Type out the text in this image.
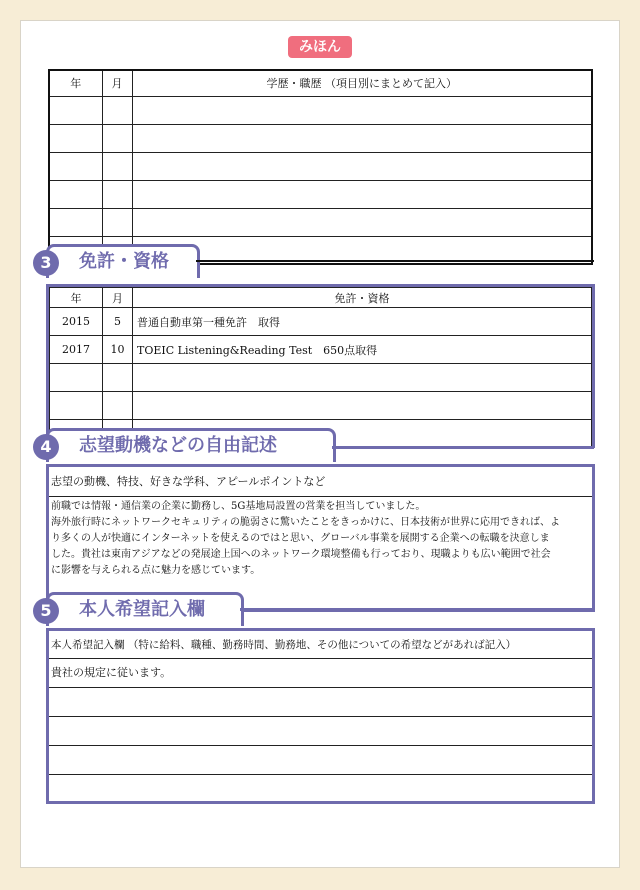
みほん
年	月	学歴・職歴 （項目別にまとめて記入）

年	月	免許・資格
2015	5	普通自動車第一種免許　取得
2017	10	TOEIC Listening&Reading Test　650点取得

3	免許・資格
志望の動機、特技、好きな学科、アピールポイントなど
前職では情報・通信業の企業に勤務し、5G基地局設置の営業を担当していました。
海外旅行時にネットワークセキュリティの脆弱さに驚いたことをきっかけに、日本技術が世界に応用できれば、よ
り多くの人が快適にインターネットを使えるのではと思い、グローバル事業を展開する企業への転職を決意しま
した。貴社は東南アジアなどの発展途上国へのネットワーク環境整備も行っており、現職よりも広い範囲で社会
に影響を与えられる点に魅力を感じています。
4	志望動機などの自由記述
本人希望記入欄 （特に給料、職種、勤務時間、勤務地、その他についての希望などがあれば記入）
貴社の規定に従います。
5	本人希望記入欄
